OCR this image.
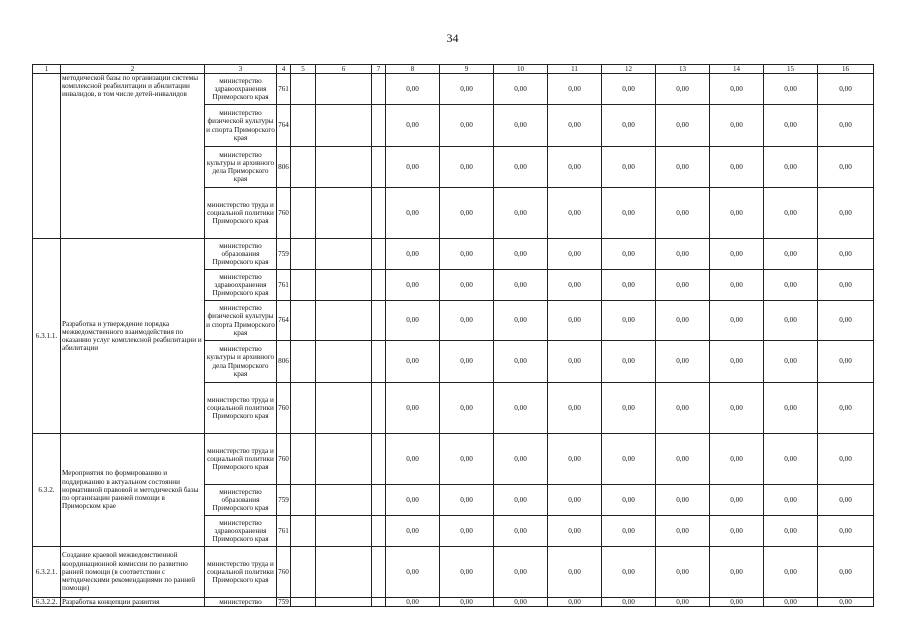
34
1	2	3	4	5	6	7	8	9	10	11	12	13	14	15	16
	методической базы по организации системы комплексной реабилитации и абилитации инвалидов, в том числе детей-инвалидов	министерство здравоохранения Приморского края	761				0,00	0,00	0,00	0,00	0,00	0,00	0,00	0,00	0,00
		министерство физической культуры и спорта Приморского края	764				0,00	0,00	0,00	0,00	0,00	0,00	0,00	0,00	0,00
		министерство культуры и архивного дела Приморского края	806				0,00	0,00	0,00	0,00	0,00	0,00	0,00	0,00	0,00
		министерство труда и социальной политики Приморского края	760				0,00	0,00	0,00	0,00	0,00	0,00	0,00	0,00	0,00
6.3.1.1.	Разработка и утверждение порядка межведомственного взаимодействия по оказанию услуг комплексной реабилитации и абилитации	министерство образования Приморского края	759				0,00	0,00	0,00	0,00	0,00	0,00	0,00	0,00	0,00
		министерство здравоохранения Приморского края	761				0,00	0,00	0,00	0,00	0,00	0,00	0,00	0,00	0,00
		министерство физической культуры и спорта Приморского края	764				0,00	0,00	0,00	0,00	0,00	0,00	0,00	0,00	0,00
		министерство культуры и архивного дела Приморского края	806				0,00	0,00	0,00	0,00	0,00	0,00	0,00	0,00	0,00
		министерство труда и социальной политики Приморского края	760				0,00	0,00	0,00	0,00	0,00	0,00	0,00	0,00	0,00
6.3.2.	Мероприятия по формированию и поддержанию в актуальном состоянии нормативной правовой и методической базы по организации ранней помощи в Приморском крае	министерство труда и социальной политики Приморского края	760				0,00	0,00	0,00	0,00	0,00	0,00	0,00	0,00	0,00
		министерство образования Приморского края	759				0,00	0,00	0,00	0,00	0,00	0,00	0,00	0,00	0,00
		министерство здравоохранения Приморского края	761				0,00	0,00	0,00	0,00	0,00	0,00	0,00	0,00	0,00
6.3.2.1.	Создание краевой межведомственной координационной комиссии по развитию ранней помощи (в соответствии с методическими рекомендациями по ранней помощи)	министерство труда и социальной политики Приморского края	760				0,00	0,00	0,00	0,00	0,00	0,00	0,00	0,00	0,00
6.3.2.2.	Разработка концепции развития	министерство	759				0,00	0,00	0,00	0,00	0,00	0,00	0,00	0,00	0,00
